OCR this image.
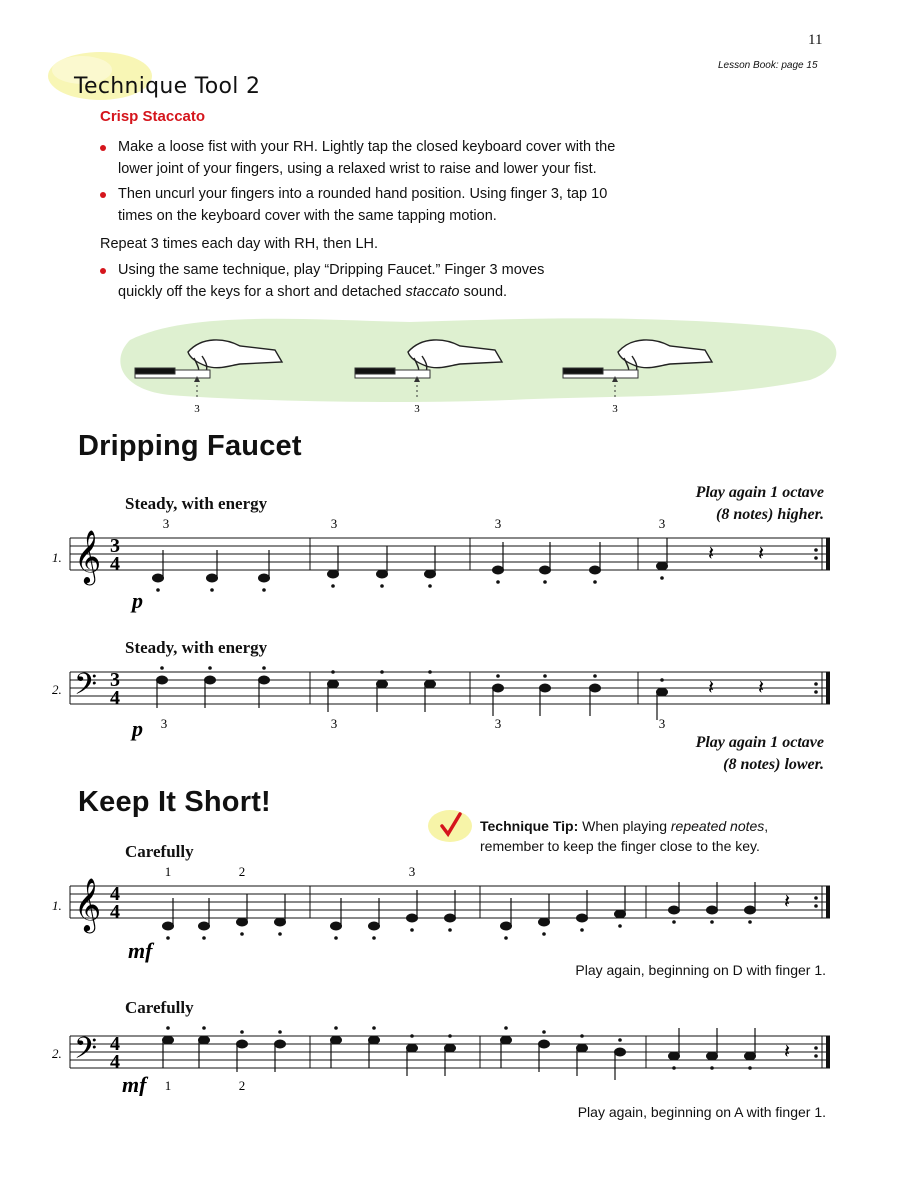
11
Lesson Book: page 15
Technique Tool 2
Crisp Staccato
Make a loose fist with your RH. Lightly tap the closed keyboard cover with the
lower joint of your fingers, using a relaxed wrist to raise and lower your fist.
Then uncurl your fingers into a rounded hand position. Using finger 3, tap 10
times on the keyboard cover with the same tapping motion.
Repeat 3 times each day with RH, then LH.
Using the same technique, play “Dripping Faucet.” Finger 3 moves
quickly off the keys for a short and detached staccato sound.
3	3	3
Dripping Faucet
Steady, with energy
Play again 1 octave
(8 notes) higher.
1. 𝄞 3
4	𝄽 𝄽
3	3	3	3
p
Steady, with energy
2. 𝄢 3
4	𝄽 𝄽
3	3	3	3
p
Play again 1 octave
(8 notes) lower.
Keep It Short!
Technique Tip: When playing repeated notes,
remember to keep the finger close to the key.
Carefully
1. 𝄞 4
4	𝄽
1	2	3
mf
Play again, beginning on D with finger 1.
Carefully
2. 𝄢 4
4	𝄽
1	2
mf
Play again, beginning on A with finger 1.
